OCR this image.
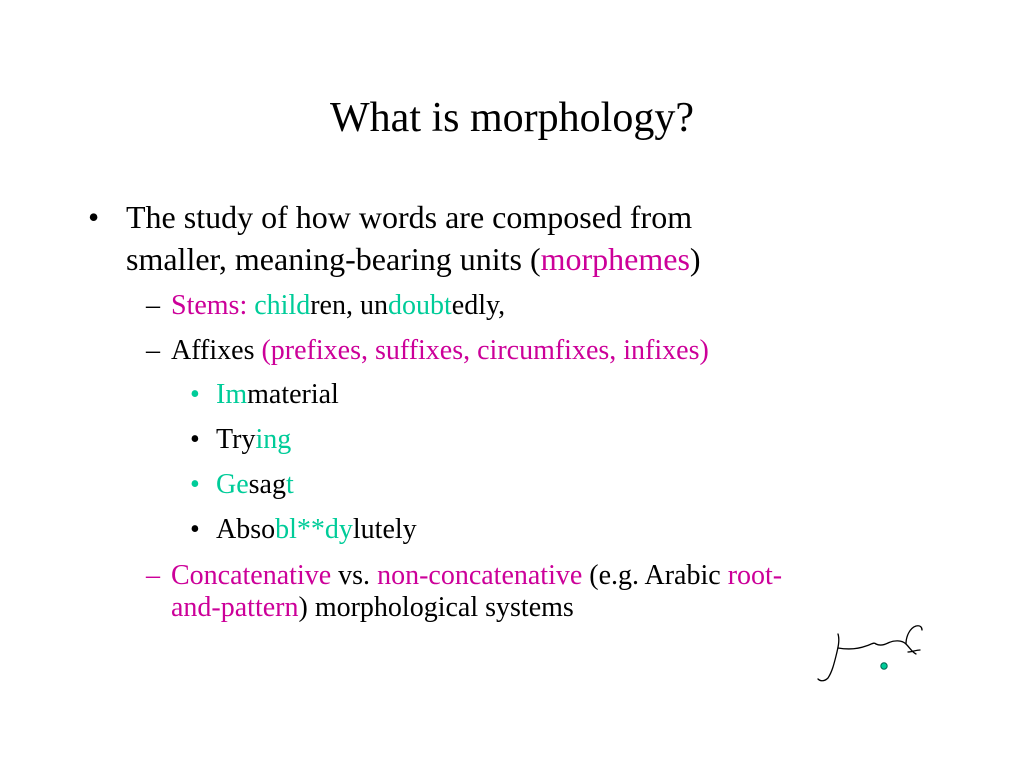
What is morphology?
• The study of how words are composed from
smaller, meaning-bearing units (morphemes)
– Stems: children, undoubtedly,
– Affixes (prefixes, suffixes, circumfixes, infixes)
• Immaterial
• Trying
• Gesagt
• Absobl**dylutely
– Concatenative vs. non-concatenative (e.g. Arabic root-
and-pattern) morphological systems
